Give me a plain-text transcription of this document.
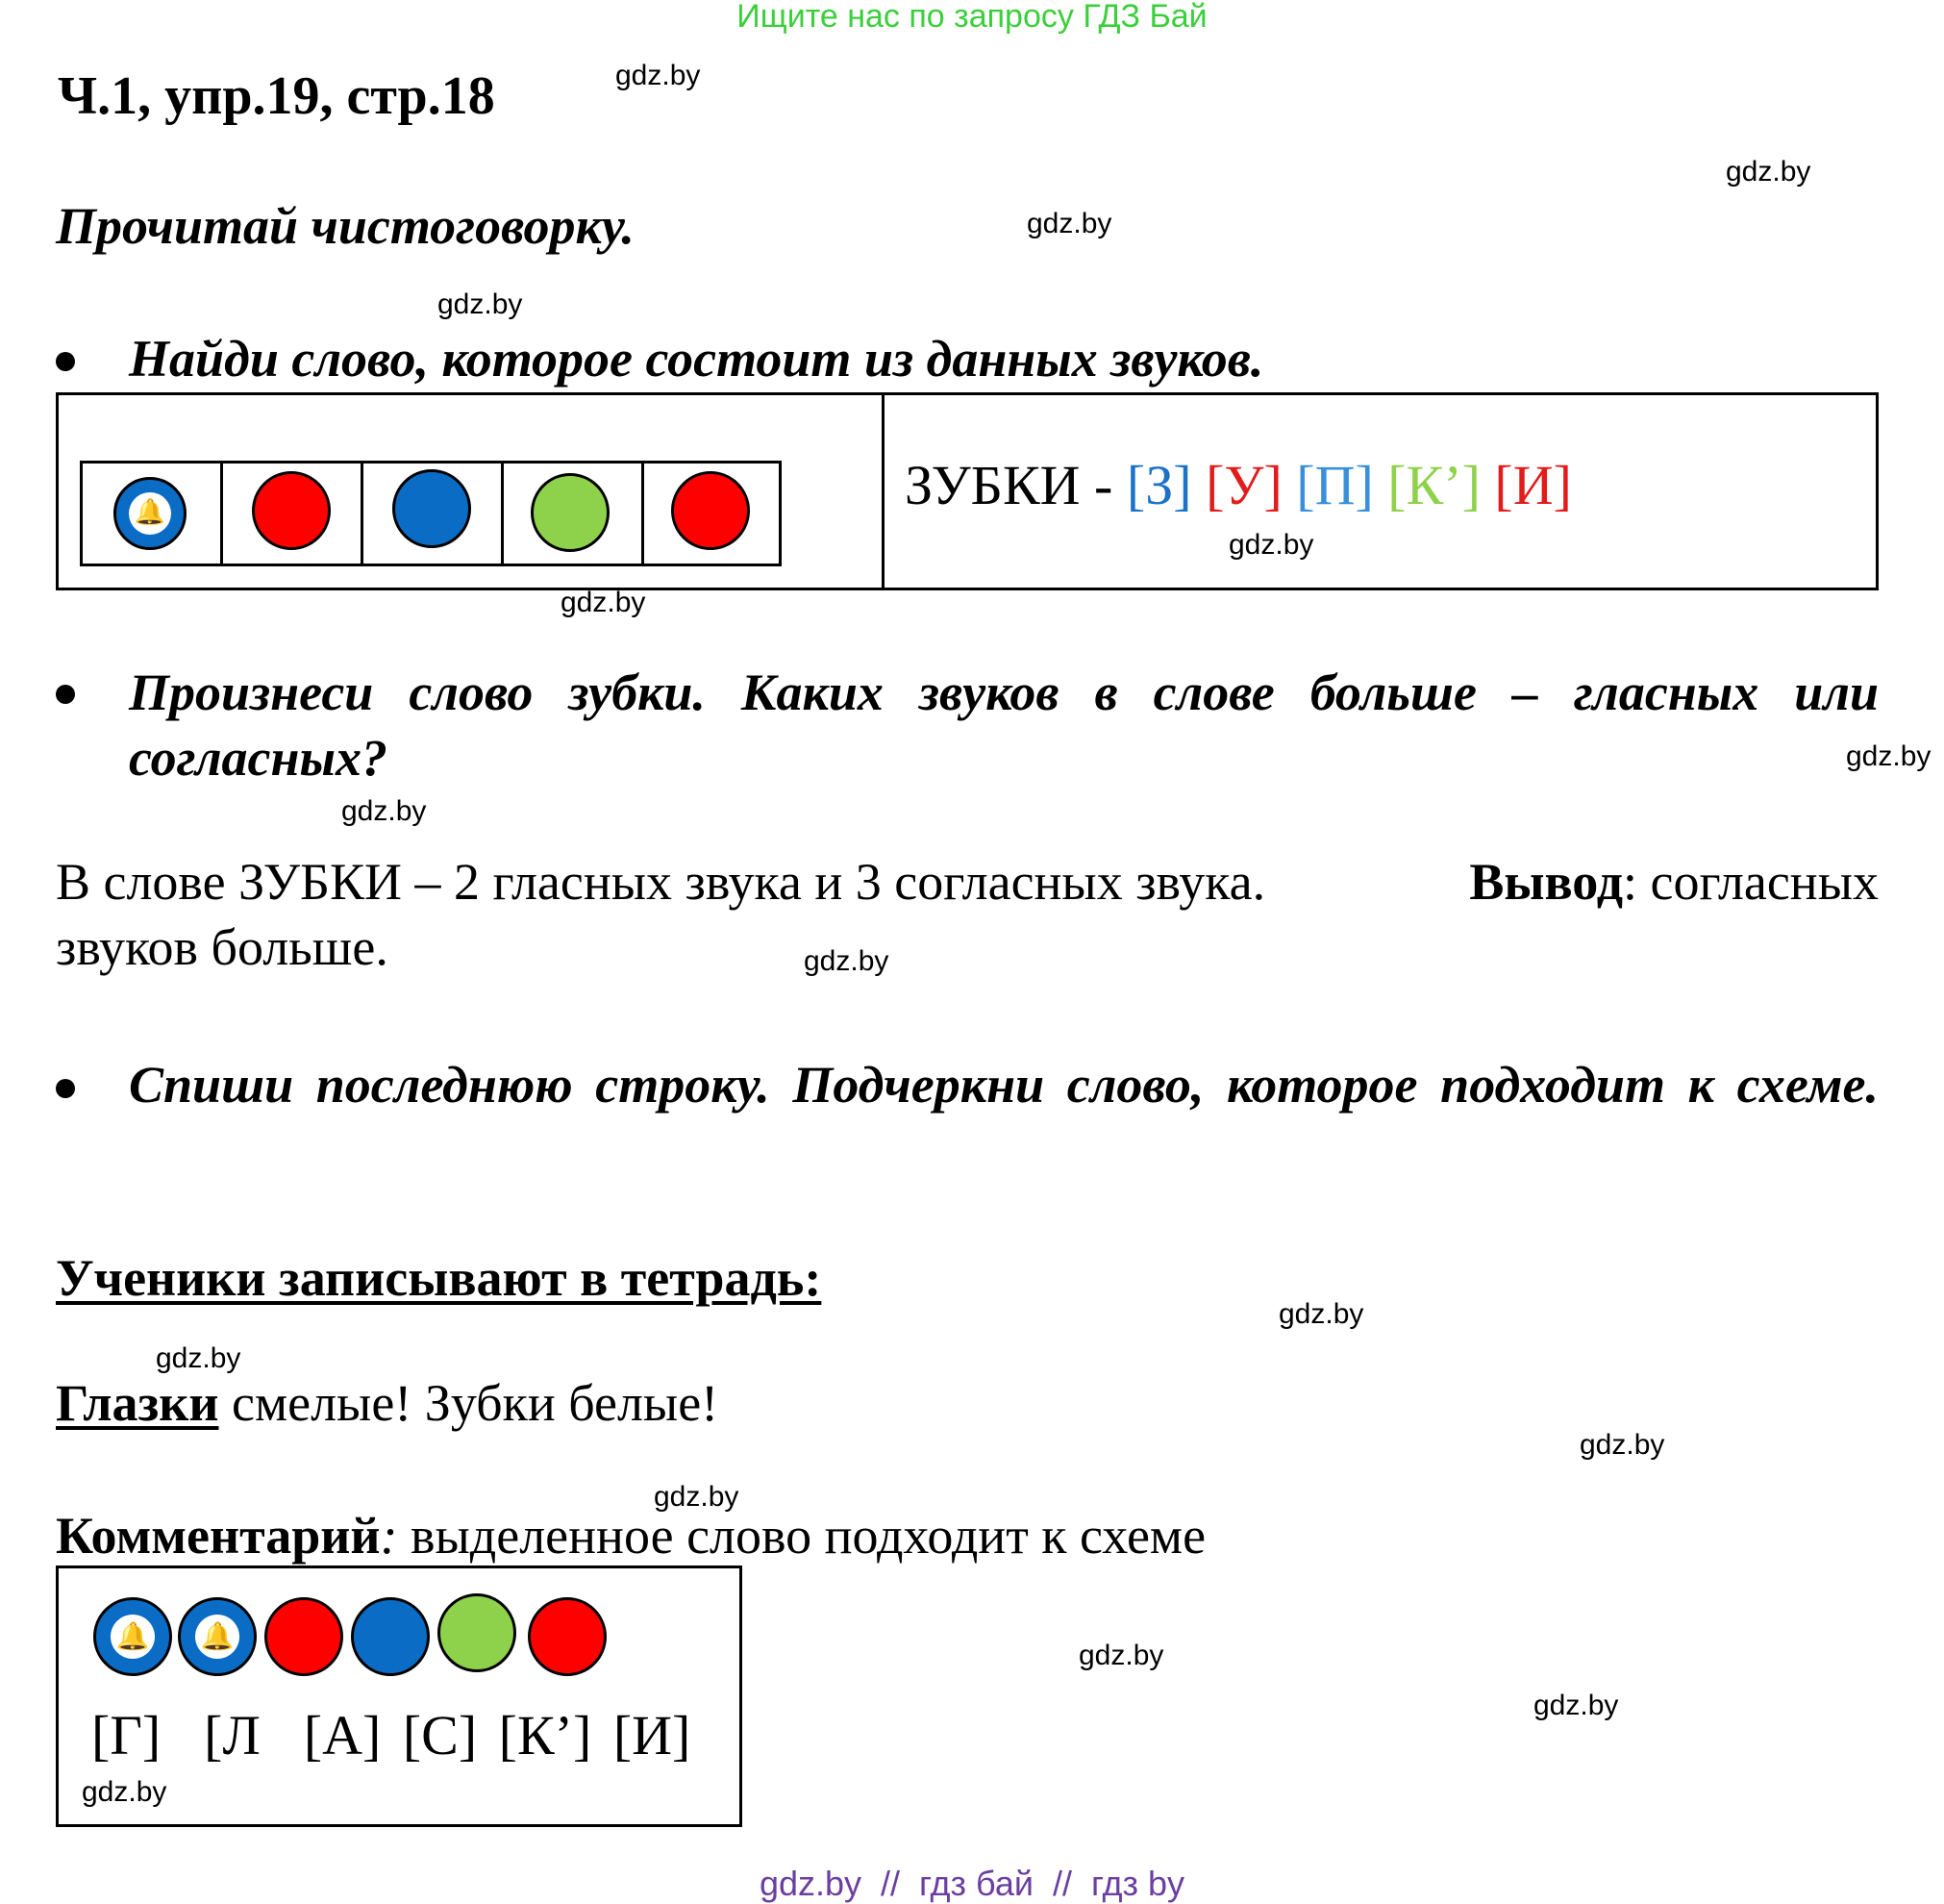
Ищите нас по запросу ГДЗ Бай
Ч.1, упр.19, стр.18	gdz.by
gdz.by
gdz.by
gdz.by
gdz.by
gdz.by
gdz.by
gdz.by
gdz.by
gdz.by
gdz.by
gdz.by
gdz.by
gdz.by
gdz.by
Прочитай чистоговорку.
Найди слово, которое состоит из данных звуков.
🔔	ЗУБКИ - [З] [У] [П] [К’] [И]
Произнеси слово зубки. Каких звуков в слове больше – гласных или согласных?
В слове ЗУБКИ – 2 гласных звука и 3 согласных звука.	Вывод: согласных
звуков больше.
Спиши последнюю строку. Подчеркни слово, которое подходит к схеме.
Ученики записывают в тетрадь:
Глазки смелые! Зубки белые!
Комментарий: выделенное слово подходит к схеме
🔔 🔔
[Г] [Л [А] [С] [К’] [И]
gdz.by
gdz.by  //  гдз бай  //  гдз by
